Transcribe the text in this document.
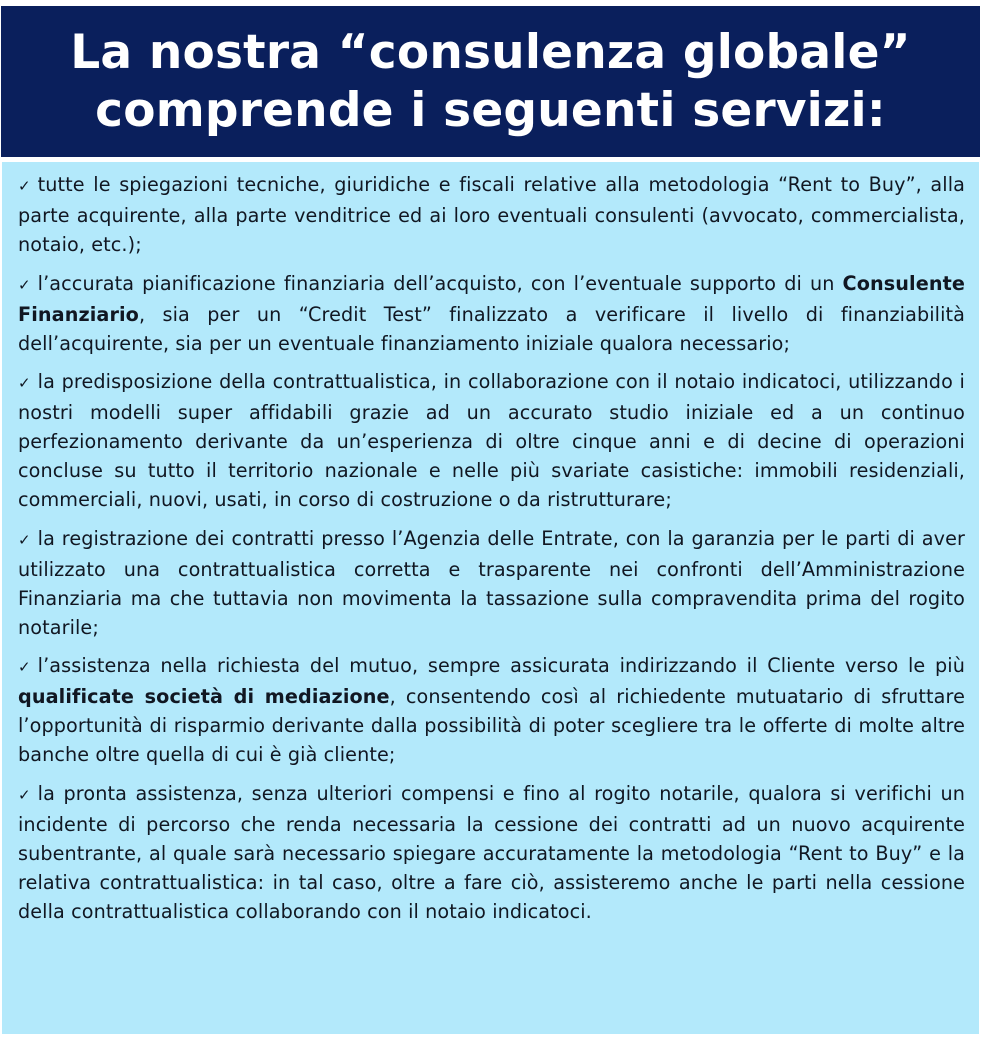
La nostra “consulenza globale”
comprende i seguenti servizi:

✓ tutte le spiegazioni tecniche, giuridiche e fiscali relative alla metodologia “Rent to Buy”, alla parte acquirente, alla parte venditrice ed ai loro eventuali consulenti (avvocato, commercialista, notaio, etc.);

✓ l’accurata pianificazione finanziaria dell’acquisto, con l’eventuale supporto di un Consulente Finanziario, sia per un “Credit Test” finalizzato a verificare il livello di finanziabilità dell’acquirente, sia per un eventuale finanziamento iniziale qualora necessario;

✓ la predisposizione della contrattualistica, in collaborazione con il notaio indicatoci, utilizzando i nostri modelli super affidabili grazie ad un accurato studio iniziale ed a un continuo perfezionamento derivante da un’esperienza di oltre cinque anni e di decine di operazioni concluse su tutto il territorio nazionale e nelle più svariate casistiche: immobili residenziali, commerciali, nuovi, usati, in corso di costruzione o da ristrutturare;

✓ la registrazione dei contratti presso l’Agenzia delle Entrate, con la garanzia per le parti di aver utilizzato una contrattualistica corretta e trasparente nei confronti dell’Amministrazione Finanziaria ma che tuttavia non movimenta la tassazione sulla compravendita prima del rogito notarile;

✓ l’assistenza nella richiesta del mutuo, sempre assicurata indirizzando il Cliente verso le più qualificate società di mediazione, consentendo così al richiedente mutuatario di sfruttare l’opportunità di risparmio derivante dalla possibilità di poter scegliere tra le offerte di molte altre banche oltre quella di cui è già cliente;

✓ la pronta assistenza, senza ulteriori compensi e fino al rogito notarile, qualora si verifichi un incidente di percorso che renda necessaria la cessione dei contratti ad un nuovo acquirente subentrante, al quale sarà necessario spiegare accuratamente la metodologia “Rent to Buy” e la relativa contrattualistica: in tal caso, oltre a fare ciò, assisteremo anche le parti nella cessione della contrattualistica collaborando con il notaio indicatoci.
